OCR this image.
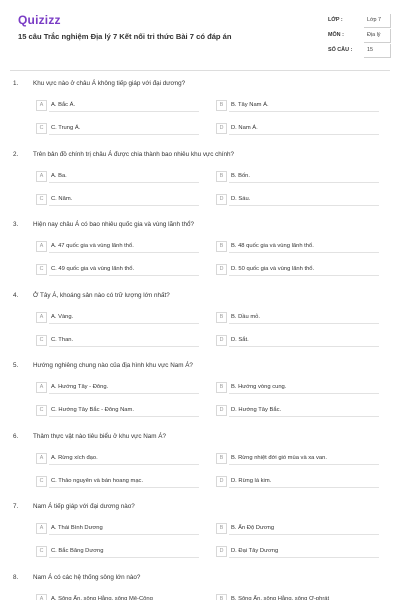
Quizizz
15 câu Trắc nghiệm Địa lý 7 Kết nối tri thức Bài 7 có đáp án
LỚP :	Lớp 7
MÔN :	Địa lý
SỐ CÂU :	15
1. Khu vực nào ở châu Á không tiếp giáp với đại dương?
A	A. Bắc Á.	B	B. Tây Nam Á.
C	C. Trung Á.	D	D. Nam Á.
2. Trên bản đồ chính trị châu Á được chia thành bao nhiêu khu vực chính?
A	A. Ba.	B	B. Bốn.
C	C. Năm.	D	D. Sáu.
3. Hiện nay châu Á có bao nhiêu quốc gia và vùng lãnh thổ?
A	A. 47 quốc gia và vùng lãnh thổ.	B	B. 48 quốc gia và vùng lãnh thổ.
C	C. 49 quốc gia và vùng lãnh thổ.	D	D. 50 quốc gia và vùng lãnh thổ.
4. Ở Tây Á, khoáng sản nào có trữ lượng lớn nhất?
A	A. Vàng.	B	B. Dầu mỏ.
C	C. Than.	D	D. Sắt.
5. Hướng nghiêng chung nào của địa hình khu vực Nam Á?
A	A. Hướng Tây - Đông.	B	B. Hướng vòng cung.
C	C. Hướng Tây Bắc - Đông Nam.	D	D. Hướng Tây Bắc.
6. Thảm thực vật nào tiêu biểu ở khu vực Nam Á?
A	A. Rừng xích đạo.	B	B. Rừng nhiệt đới gió mùa và xa van.
C	C. Thảo nguyên và bán hoang mạc.	D	D. Rừng lá kim.
7. Nam Á tiếp giáp với đại dương nào?
A	A. Thái Bình Dương	B	B. Ấn Độ Dương
C	C. Bắc Băng Dương	D	D. Đại Tây Dương
8. Nam Á có các hệ thống sông lớn nào?
A	A. Sông Ấn, sông Hằng, sông Mê-Công	B	B. Sông Ấn, sông Hằng, sông Ơ-phrát
